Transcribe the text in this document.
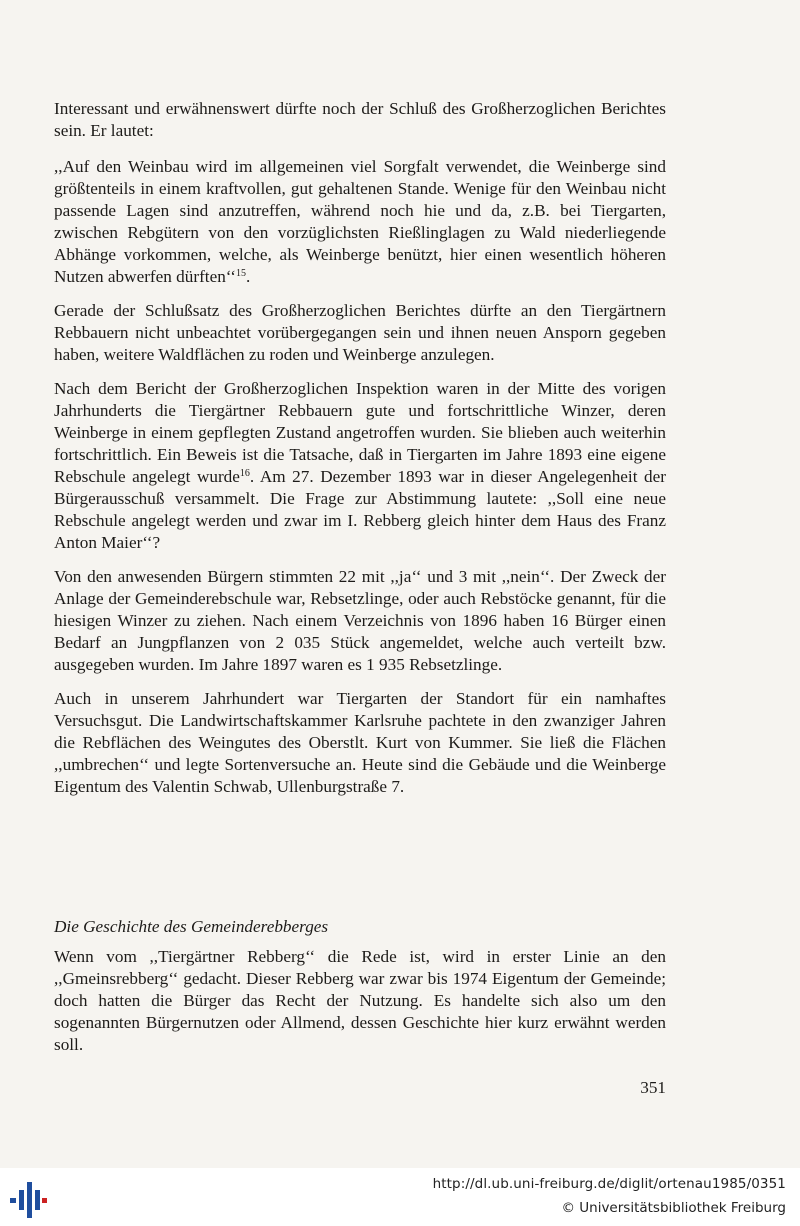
Interessant und erwähnenswert dürfte noch der Schluß des Großherzoglichen Berichtes sein. Er lautet:

,,Auf den Weinbau wird im allgemeinen viel Sorgfalt verwendet, die Weinberge sind größtenteils in einem kraftvollen, gut gehaltenen Stande. Wenige für den Weinbau nicht passende Lagen sind anzutreffen, während noch hie und da, z.B. bei Tiergarten, zwischen Rebgütern von den vorzüglichsten Rießlinglagen zu Wald niederliegende Abhänge vorkommen, welche, als Weinberge benützt, hier einen wesentlich höheren Nutzen abwerfen dürften‘‘$^{15}$.

Gerade der Schlußsatz des Großherzoglichen Berichtes dürfte an den Tiergärtnern Rebbauern nicht unbeachtet vorübergegangen sein und ihnen neuen Ansporn gegeben haben, weitere Waldflächen zu roden und Weinberge anzulegen.

Nach dem Bericht der Großherzoglichen Inspektion waren in der Mitte des vorigen Jahrhunderts die Tiergärtner Rebbauern gute und fortschrittliche Winzer, deren Weinberge in einem gepflegten Zustand angetroffen wurden. Sie blieben auch weiterhin fortschrittlich. Ein Beweis ist die Tatsache, daß in Tiergarten im Jahre 1893 eine eigene Rebschule angelegt wurde$^{16}$. Am 27. Dezember 1893 war in dieser Angelegenheit der Bürgerausschuß versammelt. Die Frage zur Abstimmung lautete: ,,Soll eine neue Rebschule angelegt werden und zwar im I. Rebberg gleich hinter dem Haus des Franz Anton Maier‘‘?

Von den anwesenden Bürgern stimmten 22 mit ,,ja‘‘ und 3 mit ,,nein‘‘. Der Zweck der Anlage der Gemeinderebschule war, Rebsetzlinge, oder auch Rebstöcke genannt, für die hiesigen Winzer zu ziehen. Nach einem Verzeichnis von 1896 haben 16 Bürger einen Bedarf an Jungpflanzen von 2 035 Stück angemeldet, welche auch verteilt bzw. ausgegeben wurden. Im Jahre 1897 waren es 1 935 Rebsetzlinge.

Auch in unserem Jahrhundert war Tiergarten der Standort für ein namhaftes Versuchsgut. Die Landwirtschaftskammer Karlsruhe pachtete in den zwanziger Jahren die Rebflächen des Weingutes des Oberstlt. Kurt von Kummer. Sie ließ die Flächen ,,umbrechen‘‘ und legte Sortenversuche an. Heute sind die Gebäude und die Weinberge Eigentum des Valentin Schwab, Ullenburgstraße 7.

Die Geschichte des Gemeinderebberges

Wenn vom ,,Tiergärtner Rebberg‘‘ die Rede ist, wird in erster Linie an den ,,Gmeinsrebberg‘‘ gedacht. Dieser Rebberg war zwar bis 1974 Eigentum der Gemeinde; doch hatten die Bürger das Recht der Nutzung. Es handelte sich also um den sogenannten Bürgernutzen oder Allmend, dessen Geschichte hier kurz erwähnt werden soll.

351
http://dl.ub.uni-freiburg.de/diglit/ortenau1985/0351
© Universitätsbibliothek Freiburg
